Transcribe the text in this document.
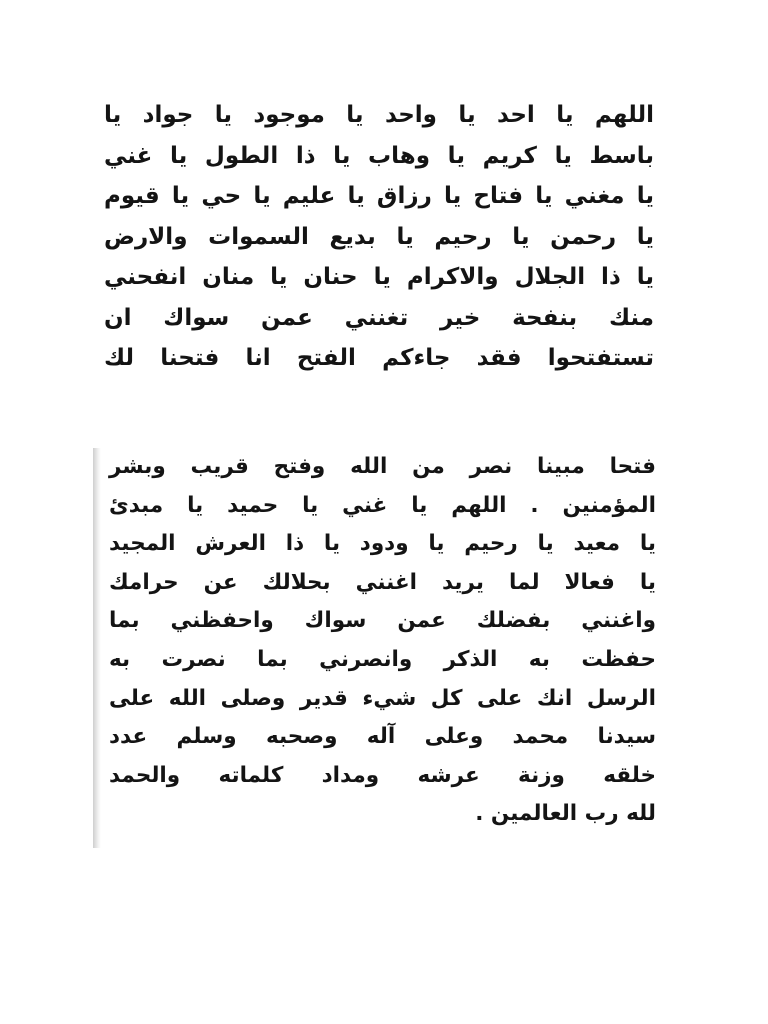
اللهم يا احد يا واحد يا موجود يا جواد يا
باسط يا كريم يا وهاب يا ذا الطول يا غني
يا مغني يا فتاح يا رزاق يا عليم يا حي يا قيوم
يا رحمن يا رحيم يا بديع السموات والارض
يا ذا الجلال والاكرام يا حنان يا منان انفحني
منك بنفحة خير تغنني عمن سواك ان
تستفتحوا فقد جاءكم الفتح انا فتحنا لك
فتحا مبينا نصر من الله وفتح قريب وبشر
المؤمنين . اللهم يا غني يا حميد يا مبدئ
يا معيد يا رحيم يا ودود يا ذا العرش المجيد
يا فعالا لما يريد اغنني بحلالك عن حرامك
واغنني بفضلك عمن سواك واحفظني بما
حفظت به الذكر وانصرني بما نصرت به
الرسل انك على كل شيء قدير وصلى الله على
سيدنا محمد وعلى آله وصحبه وسلم عدد
خلقه وزنة عرشه ومداد كلماته والحمد
لله رب العالمين .
